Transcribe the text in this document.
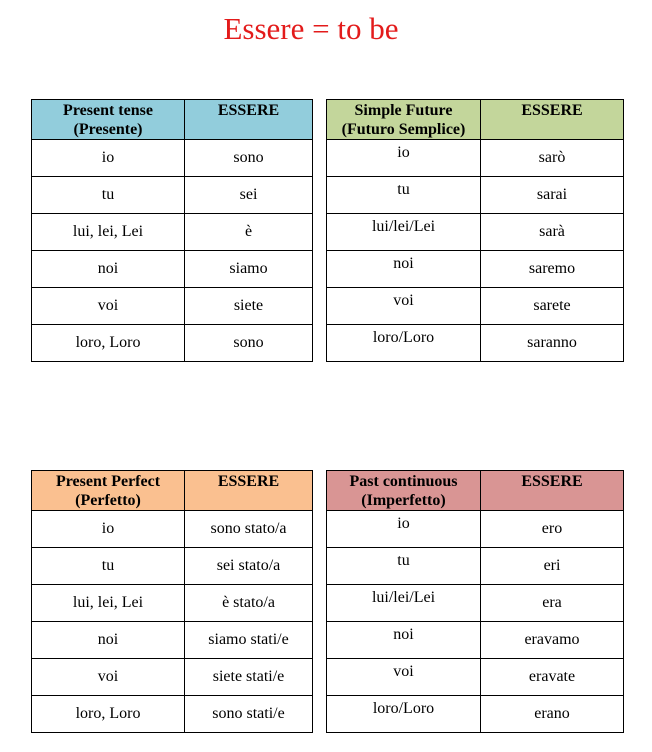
Essere = to be
Present tense
(Presente)	ESSERE
io	sono
tu	sei
lui, lei, Lei	è
noi	siamo
voi	siete
loro, Loro	sono
Simple Future
(Futuro Semplice)	ESSERE
io	sarò
tu	sarai
lui/lei/Lei	sarà
noi	saremo
voi	sarete
loro/Loro	saranno
Present Perfect
(Perfetto)	ESSERE
io	sono stato/a
tu	sei stato/a
lui, lei, Lei	è stato/a
noi	siamo stati/e
voi	siete stati/e
loro, Loro	sono stati/e
Past continuous
(Imperfetto)	ESSERE
io	ero
tu	eri
lui/lei/Lei	era
noi	eravamo
voi	eravate
loro/Loro	erano
